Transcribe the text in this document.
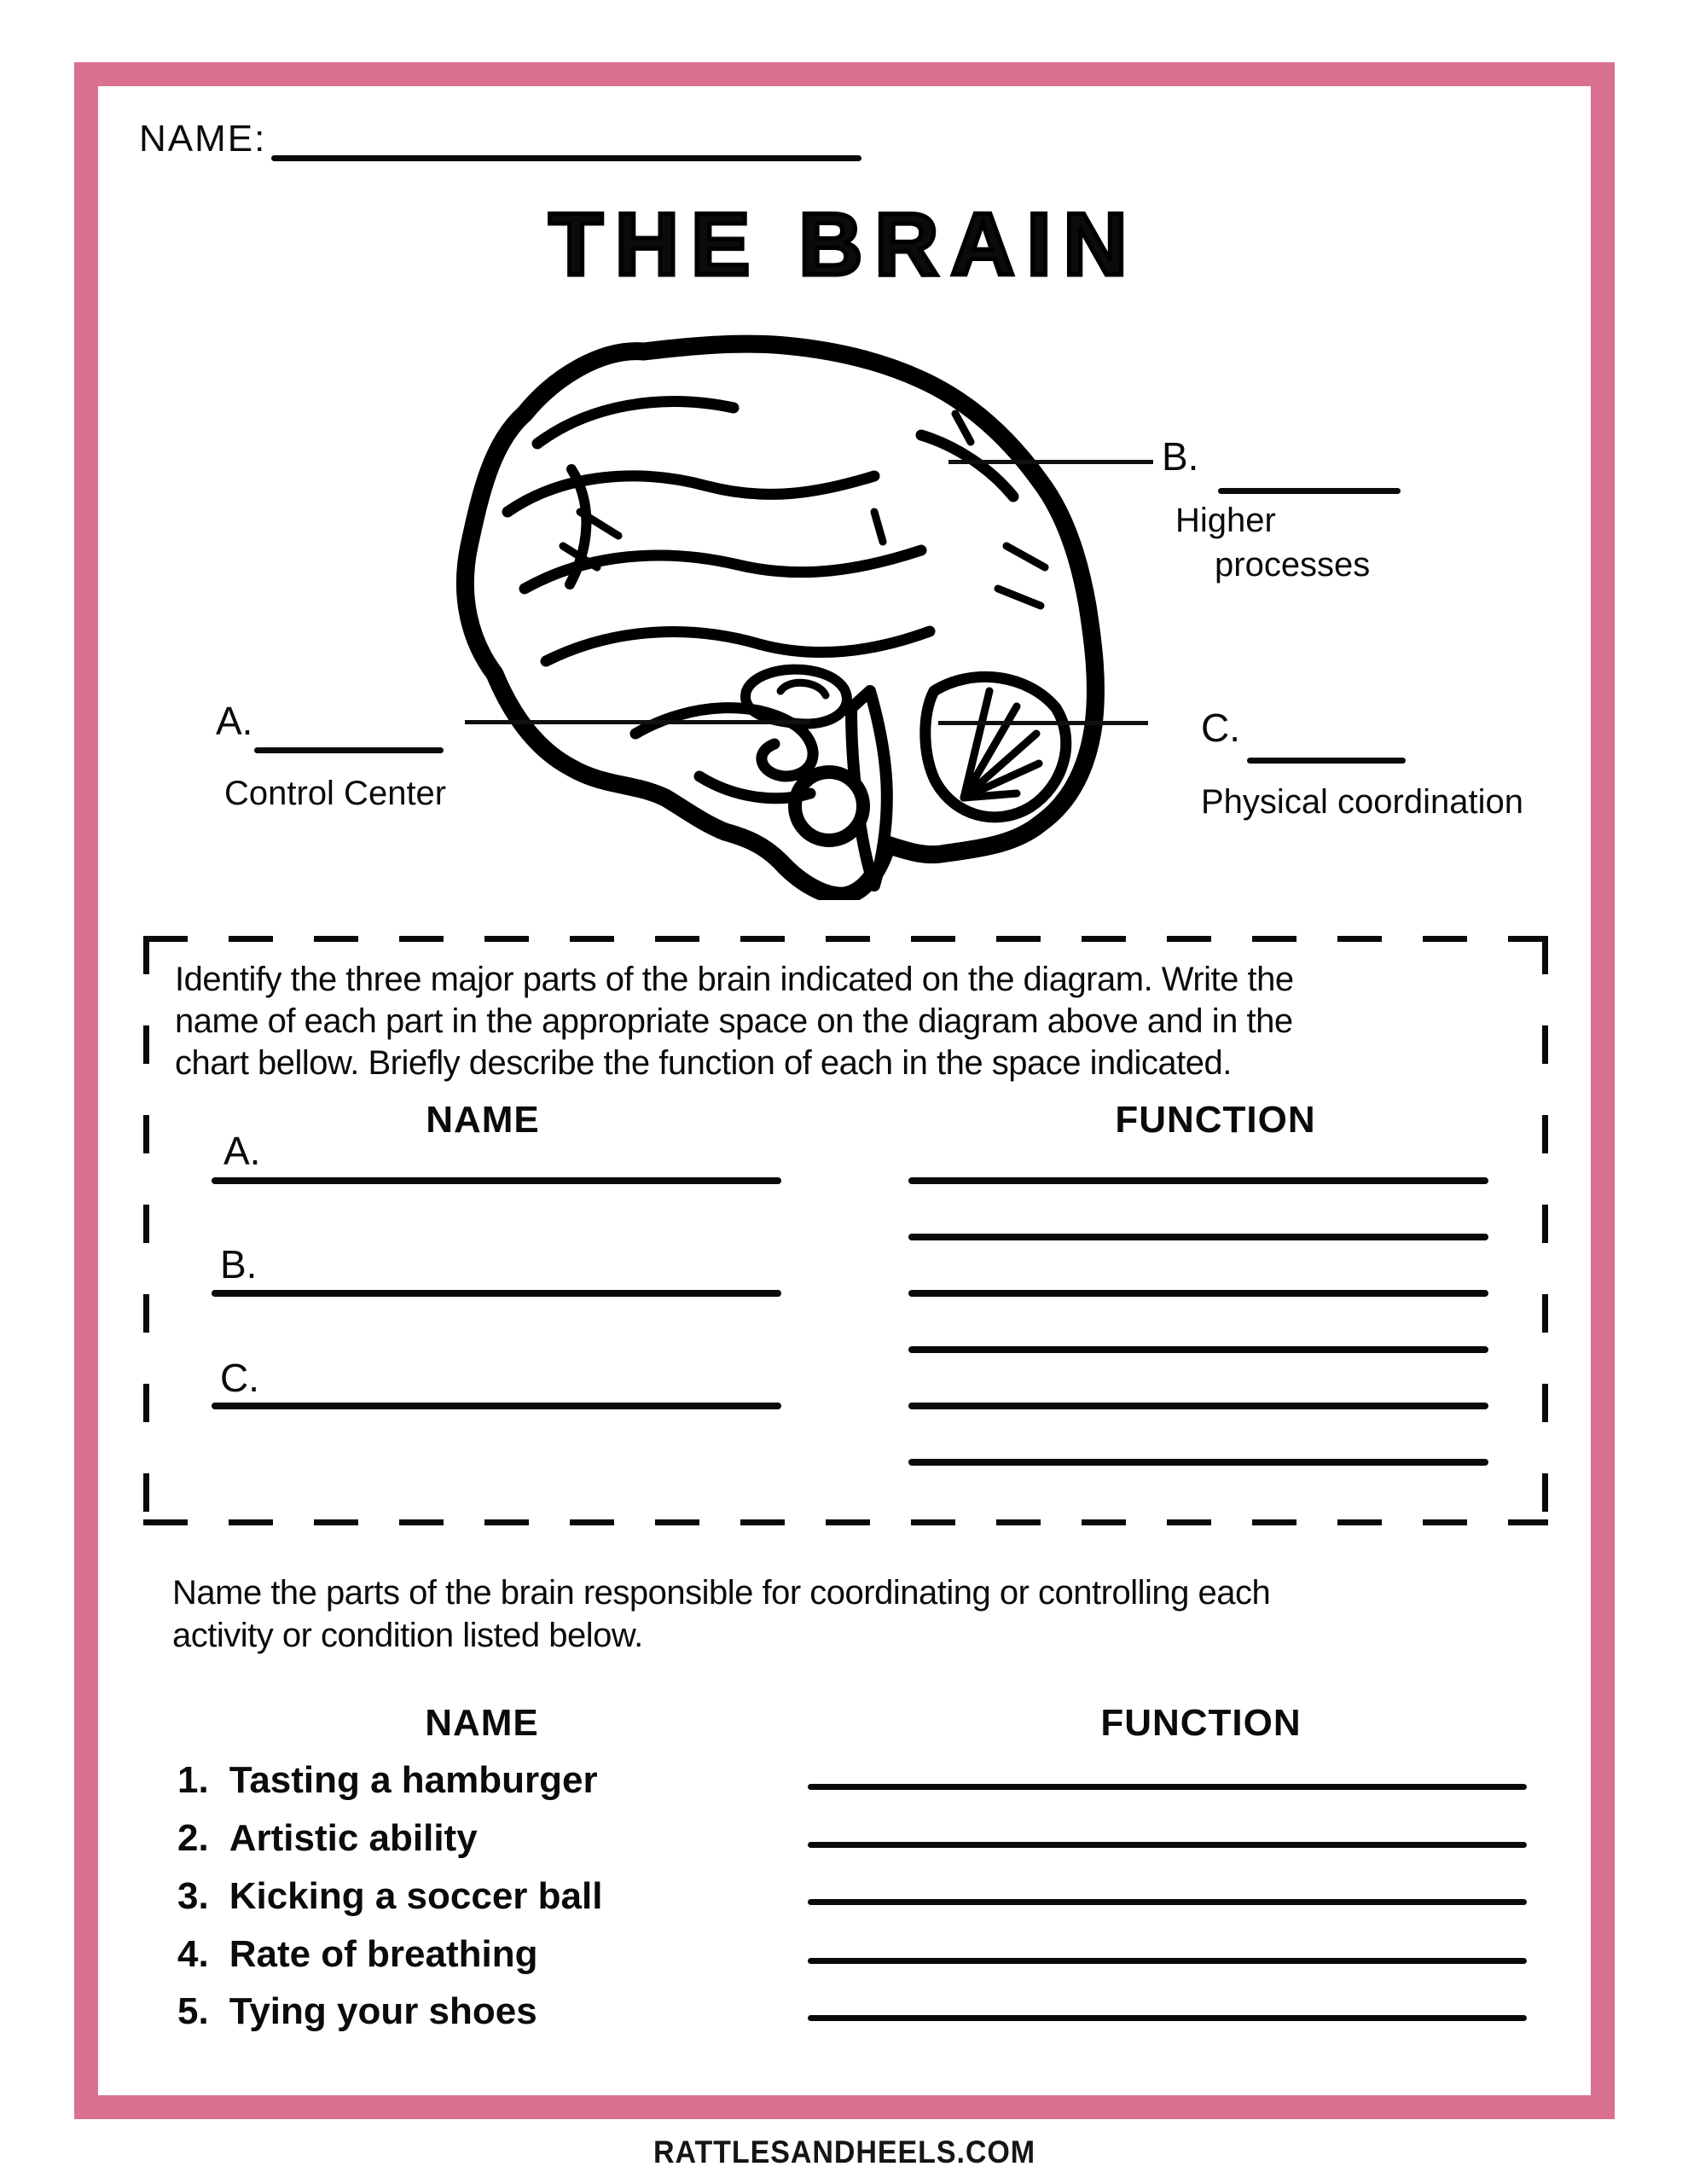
NAME:
THE BRAIN
B.
Higher
processes
A.
Control Center
C.
Physical coordination
Identify the three major parts of the brain indicated on the diagram. Write the
name of each part in the appropriate space on the diagram above and in the
chart bellow. Briefly describe the function of each in the space indicated.
NAME	FUNCTION
A.
B.
C.
Name the parts of the brain responsible for coordinating or controlling each
activity or condition listed below.
NAME	FUNCTION
1. Tasting a hamburger
2. Artistic ability
3. Kicking a soccer ball
4. Rate of breathing
5. Tying your shoes
RATTLESANDHEELS.COM
